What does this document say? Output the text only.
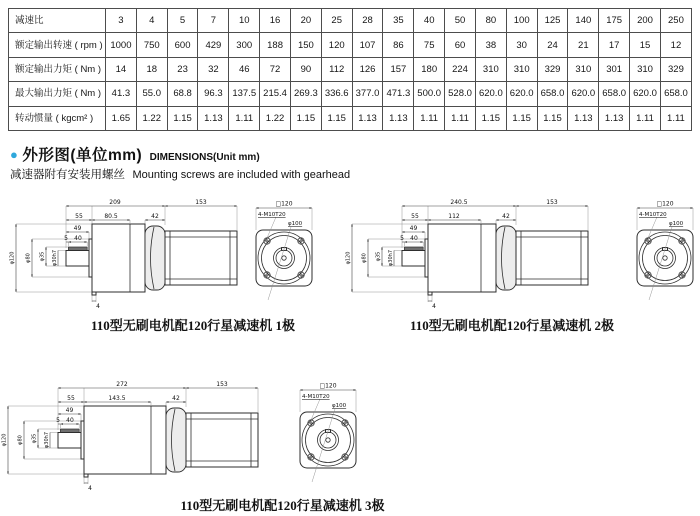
减速比	3	4	5	7	10	16	20	25	28	35	40	50	80	100	125	140	175	200	250
额定输出转速 ( rpm )	1000	750	600	429	300	188	150	120	107	86	75	60	38	30	24	21	17	15	12
额定输出力矩 ( Nm )	14	18	23	32	46	72	90	112	126	157	180	224	310	310	329	310	301	310	329
最大输出力矩 ( Nm )	41.3	55.0	68.8	96.3	137.5	215.4	269.3	336.6	377.0	471.3	500.0	528.0	620.0	620.0	658.0	620.0	658.0	620.0	658.0
转动惯量 ( kgcm² )	1.65	1.22	1.15	1.13	1.11	1.22	1.15	1.15	1.13	1.13	1.11	1.11	1.15	1.15	1.15	1.13	1.13	1.11	1.11
● 外形图(单位mm) DIMENSIONS(Unit mm)
减速器附有安装用螺丝 Mounting screws are included with gearhead
209	153
55	80.5	42
49
5 40
4
φ120 φ80 φ35 φ30h7
□120
4-M10T20
φ100
110型无刷电机配120行星减速机 1极
240.5	153
55	112	42
49
5 40
4
φ120 φ80 φ35 φ30h7
□120
4-M10T20
φ100
110型无刷电机配120行星减速机 2极
272	153
55	143.5	42
49
5 40
4
φ120 φ80 φ35 φ30h7
□120
4-M10T20
φ100
110型无刷电机配120行星减速机 3极
